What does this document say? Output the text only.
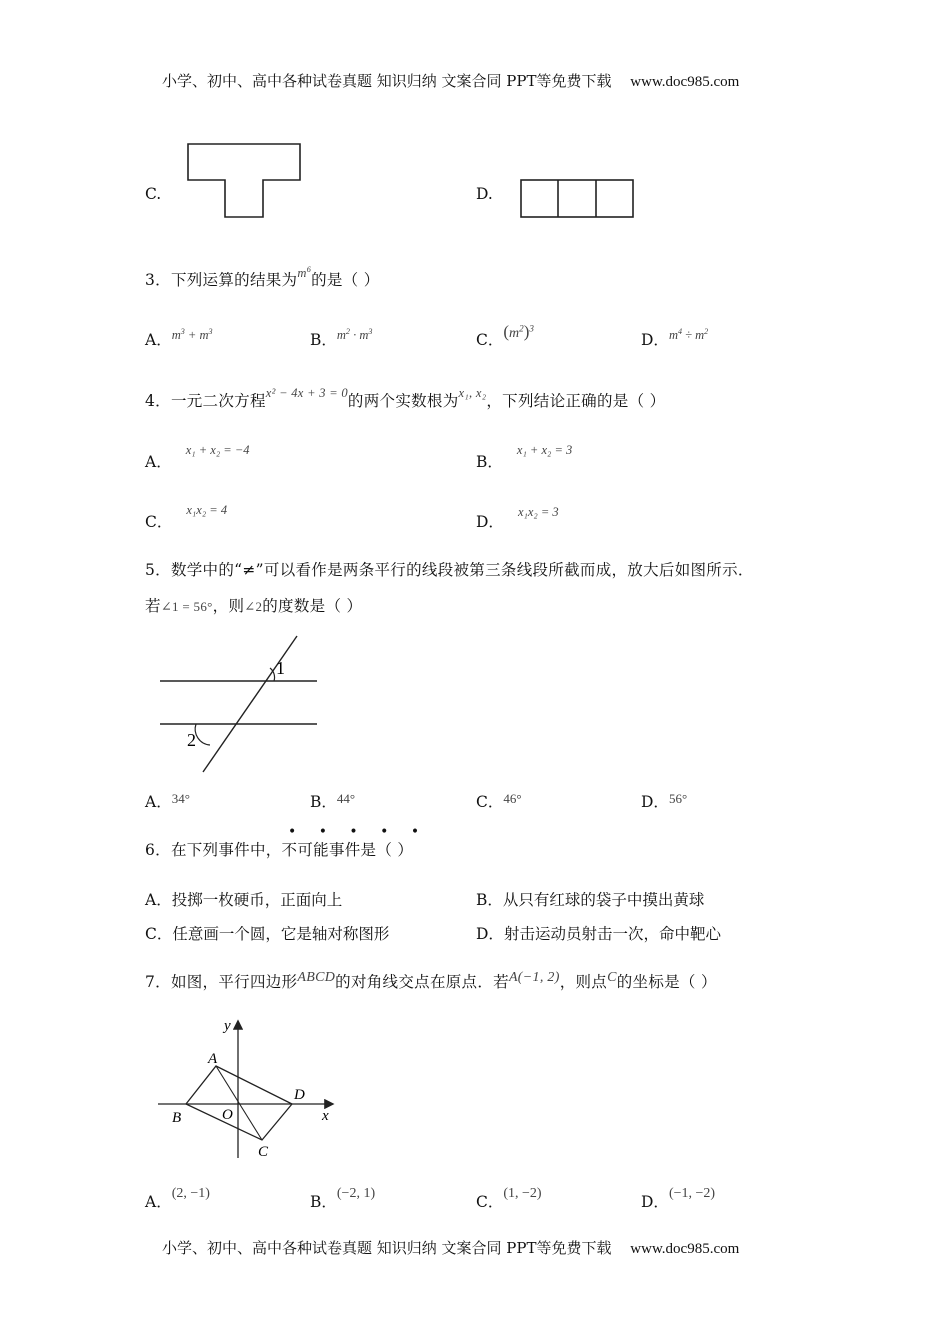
小学、初中、高中各种试卷真题 知识归纳 文案合同 PPT等免费下载 www.doc985.com
C.	D.
3．下列运算的结果为$^{m^6}$的是（ ）
A．$^{m^3 + m^3}$	B．$^{m^2 \cdot m^3}$	C．$(m^2)^3$
D．$^{m^4 \div m^2}$
4．一元二次方程$^{x^2 - 4x + 3 = 0}$的两个实数根为$^{x_1, x_2}$，下列结论正确的是（ ）
A．$^{x_1 + x_2 = -4}$
B．$^{x_1 + x_2 = 3}$
C．$^{x_1x_2 = 4}$
D．$^{x_1x_2 = 3}$
5．数学中的“≠”可以看作是两条平行的线段被第三条线段所截而成，放大后如图所示．
若∠1 = 56°，则∠2的度数是（ ）
1
2
A．$^{34^\circ}$	B．$^{44^\circ}$	C．$^{46^\circ}$	D．$^{56^\circ}$
• • • • •
6．在下列事件中，不可能事件是（ ）
A．投掷一枚硬币，正面向上	B．从只有红球的袋子中摸出黄球
C．任意画一个圆，它是轴对称图形	D．射击运动员射击一次，命中靶心
7．如图，平行四边形ABCD的对角线交点在原点．若A(−1, 2)，则点C的坐标是（ ）
A
B
C
D
O	x
y
A．(2, −1)	B．(−2, 1)	C．(1, −2)	D．(−1, −2)
小学、初中、高中各种试卷真题 知识归纳 文案合同 PPT等免费下载 www.doc985.com
